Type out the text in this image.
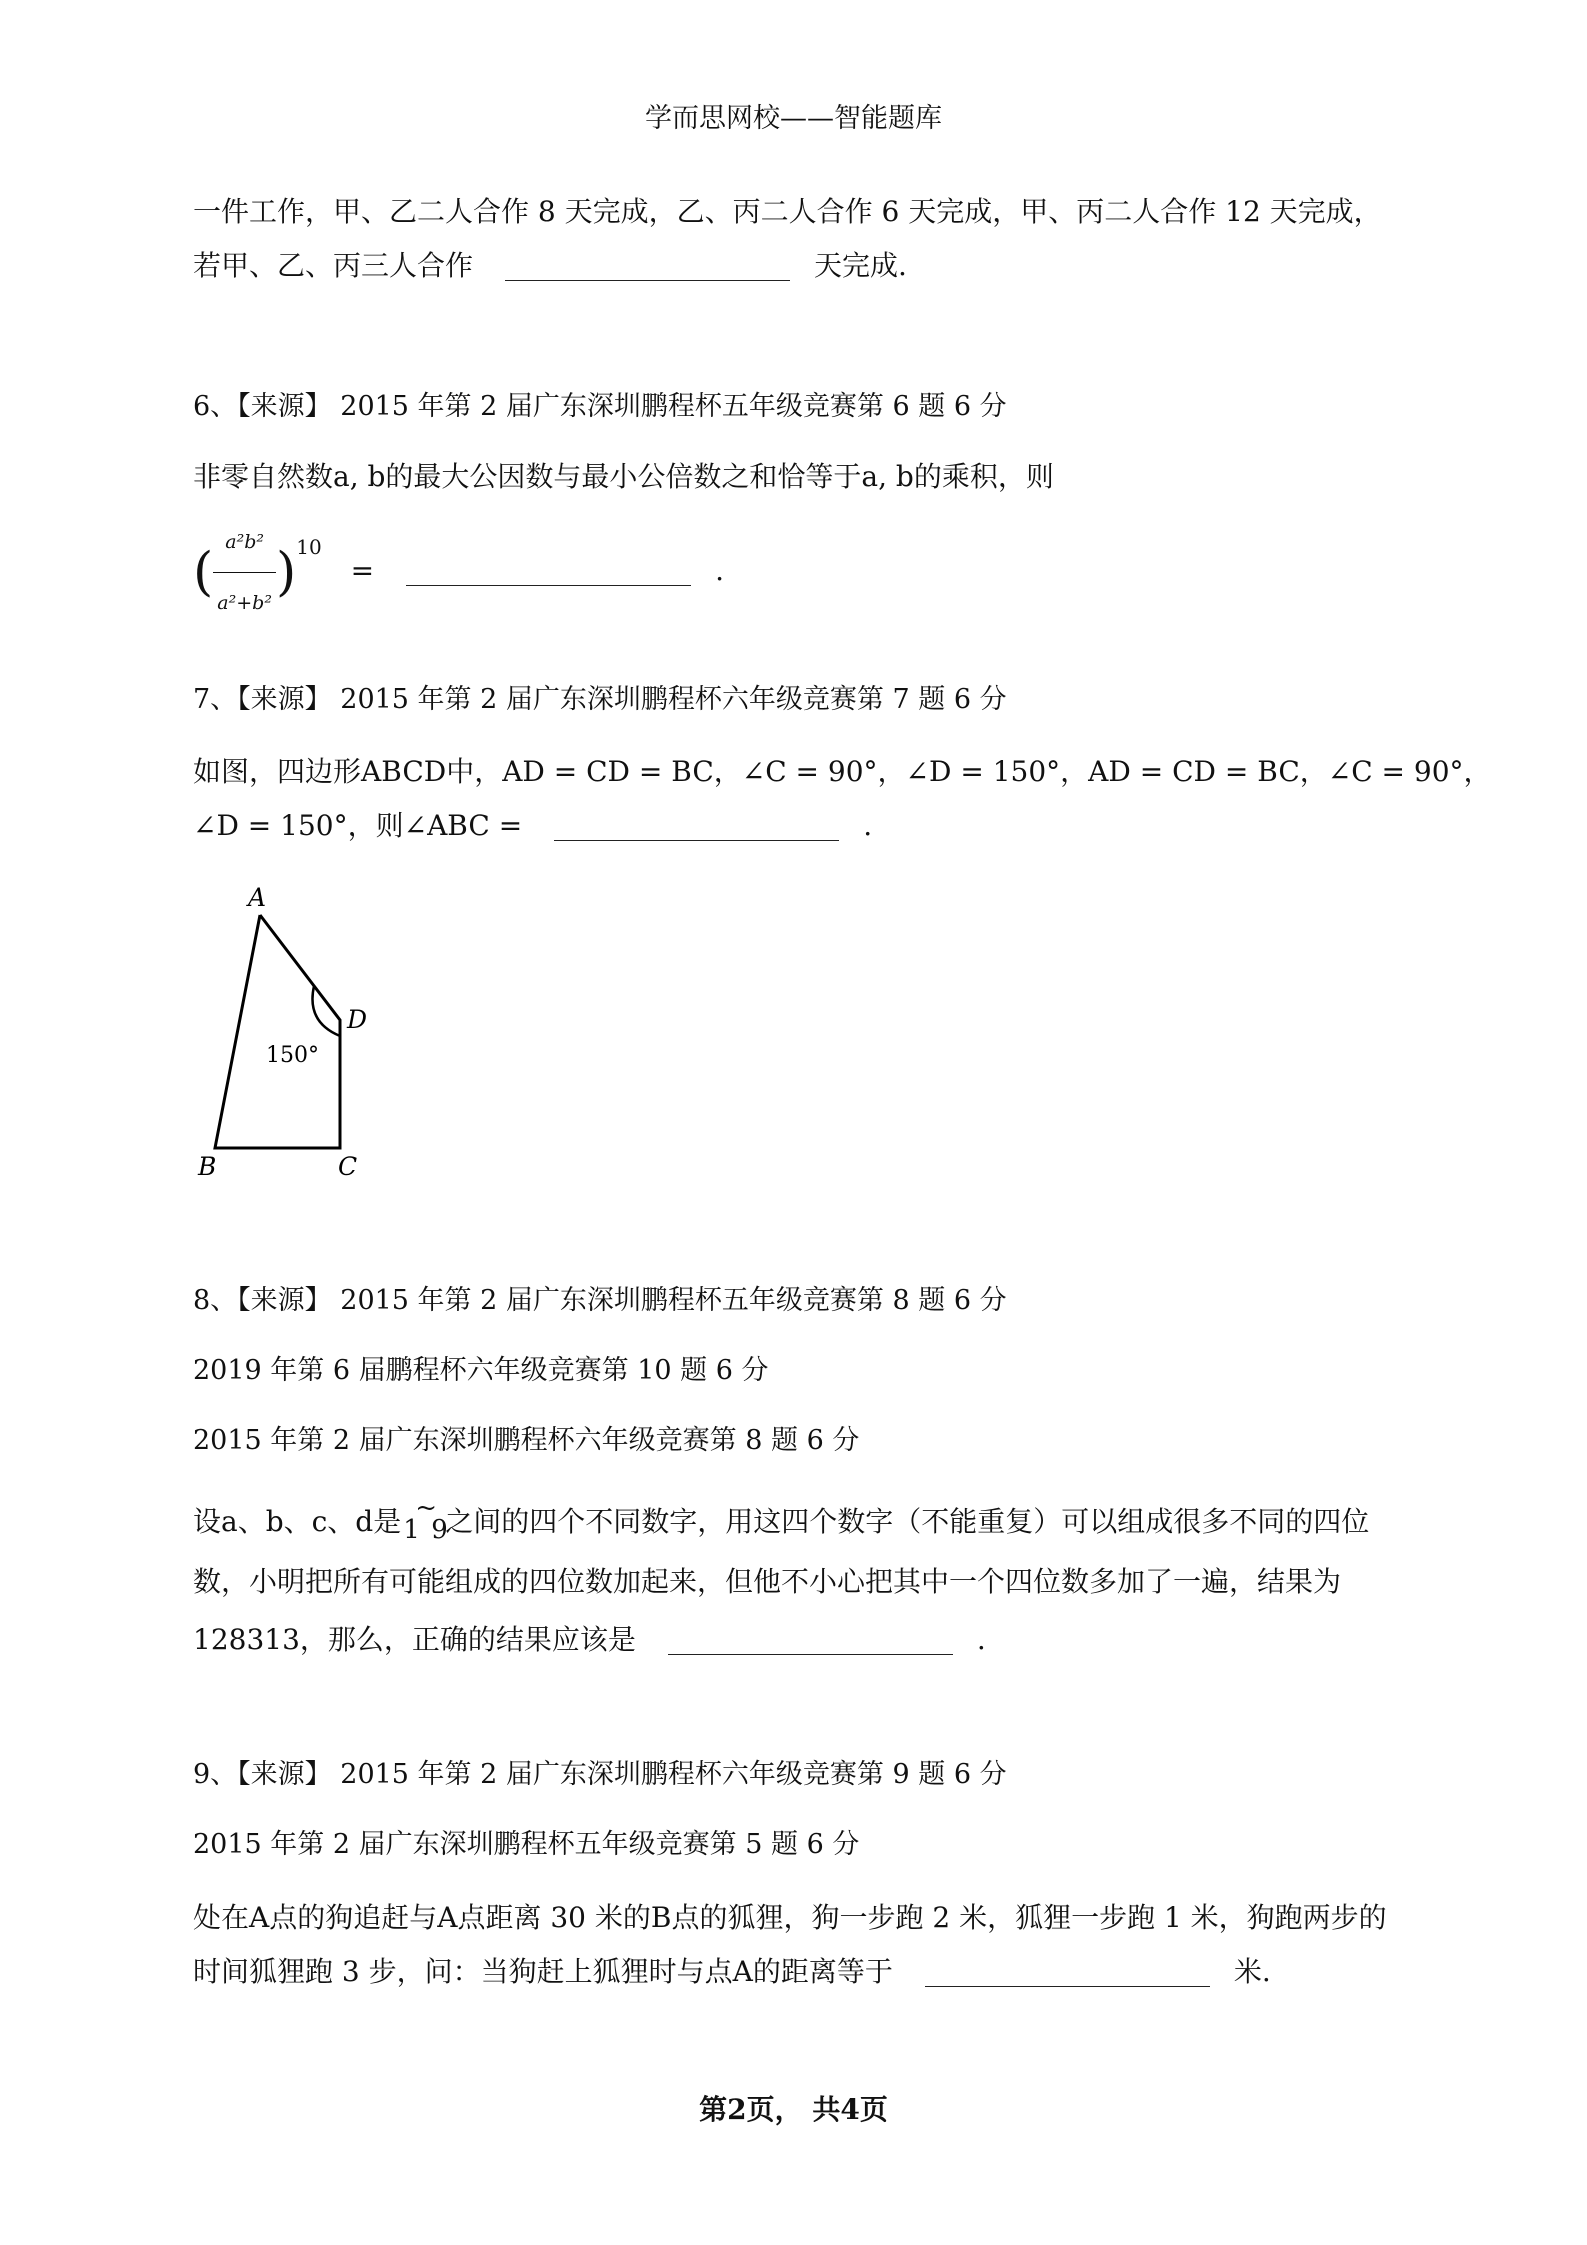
学而思网校——智能题库
一件工作，甲、乙二人合作 8 天完成，乙、丙二人合作 6 天完成，甲、丙二人合作 12 天完成，
若甲、乙、丙三人合作	天完成.
6、【来源】 2015 年第 2 届广东深圳鹏程杯五年级竞赛第 6 题 6 分
非零自然数a, b的最大公因数与最小公倍数之和恰等于a, b的乘积，则
( $\frac{\text{a²b²}}{\text{a²+b²}} )^{10}$ =	.
7、【来源】 2015 年第 2 届广东深圳鹏程杯六年级竞赛第 7 题 6 分
如图，四边形ABCD中，AD = CD = BC，∠C = 90°，∠D = 150°，AD = CD = BC，∠C = 90°，
∠D = 150°，则∠ABC =	.
A
D
B	C
150°
8、【来源】 2015 年第 2 届广东深圳鹏程杯五年级竞赛第 8 题 6 分
2019 年第 6 届鹏程杯六年级竞赛第 10 题 6 分
2015 年第 2 届广东深圳鹏程杯六年级竞赛第 8 题 6 分
设a、b、c、d是 1
~
9
之间的四个不同数字，用这四个数字（不能重复）可以组成很多不同的四位
数，小明把所有可能组成的四位数加起来，但他不小心把其中一个四位数多加了一遍，结果为
128313，那么，正确的结果应该是	.
9、【来源】 2015 年第 2 届广东深圳鹏程杯六年级竞赛第 9 题 6 分
2015 年第 2 届广东深圳鹏程杯五年级竞赛第 5 题 6 分
处在A点的狗追赶与A点距离 30 米的B点的狐狸，狗一步跑 2 米，狐狸一步跑 1 米，狗跑两步的
时间狐狸跑 3 步，问：当狗赶上狐狸时与点A的距离等于	米.
第2页， 共4页
